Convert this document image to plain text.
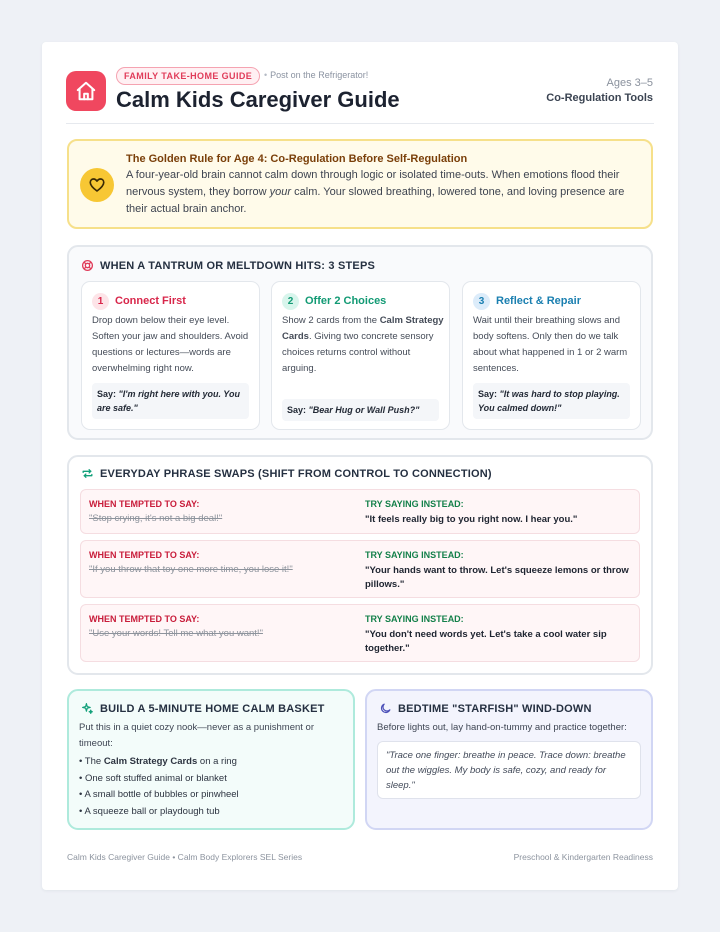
FAMILY TAKE-HOME GUIDE	• Post on the Refrigerator!
Calm Kids Caregiver Guide
Ages 3–5
Co-Regulation Tools
The Golden Rule for Age 4: Co-Regulation Before Self-Regulation
A four-year-old brain cannot calm down through logic or isolated time-outs. When emotions flood their nervous system, they borrow your calm. Your slowed breathing, lowered tone, and loving presence are their actual brain anchor.
WHEN A TANTRUM OR MELTDOWN HITS: 3 STEPS
1	Connect First
Drop down below their eye level. Soften your jaw and shoulders. Avoid questions or lectures—words are overwhelming right now.
Say: "I'm right here with you. You are safe."
2	Offer 2 Choices
Show 2 cards from the Calm Strategy Cards. Giving two concrete sensory choices returns control without arguing.
Say: "Bear Hug or Wall Push?"
3	Reflect & Repair
Wait until their breathing slows and body softens. Only then do we talk about what happened in 1 or 2 warm sentences.
Say: "It was hard to stop playing. You calmed down!"
EVERYDAY PHRASE SWAPS (SHIFT FROM CONTROL TO CONNECTION)
WHEN TEMPTED TO SAY:
"Stop crying, it's not a big deal!"
TRY SAYING INSTEAD:
"It feels really big to you right now. I hear you."
WHEN TEMPTED TO SAY:
"If you throw that toy one more time, you lose it!"
TRY SAYING INSTEAD:
"Your hands want to throw. Let's squeeze lemons or throw pillows."
WHEN TEMPTED TO SAY:
"Use your words! Tell me what you want!"
TRY SAYING INSTEAD:
"You don't need words yet. Let's take a cool water sip together."
BUILD A 5-MINUTE HOME CALM BASKET
Put this in a quiet cozy nook—never as a punishment or timeout:
• The Calm Strategy Cards on a ring
• One soft stuffed animal or blanket
• A small bottle of bubbles or pinwheel
• A squeeze ball or playdough tub
BEDTIME "STARFISH" WIND-DOWN
Before lights out, lay hand-on-tummy and practice together:
"Trace one finger: breathe in peace. Trace down: breathe out the wiggles. My body is safe, cozy, and ready for sleep."
Calm Kids Caregiver Guide • Calm Body Explorers SEL Series	Preschool & Kindergarten Readiness
